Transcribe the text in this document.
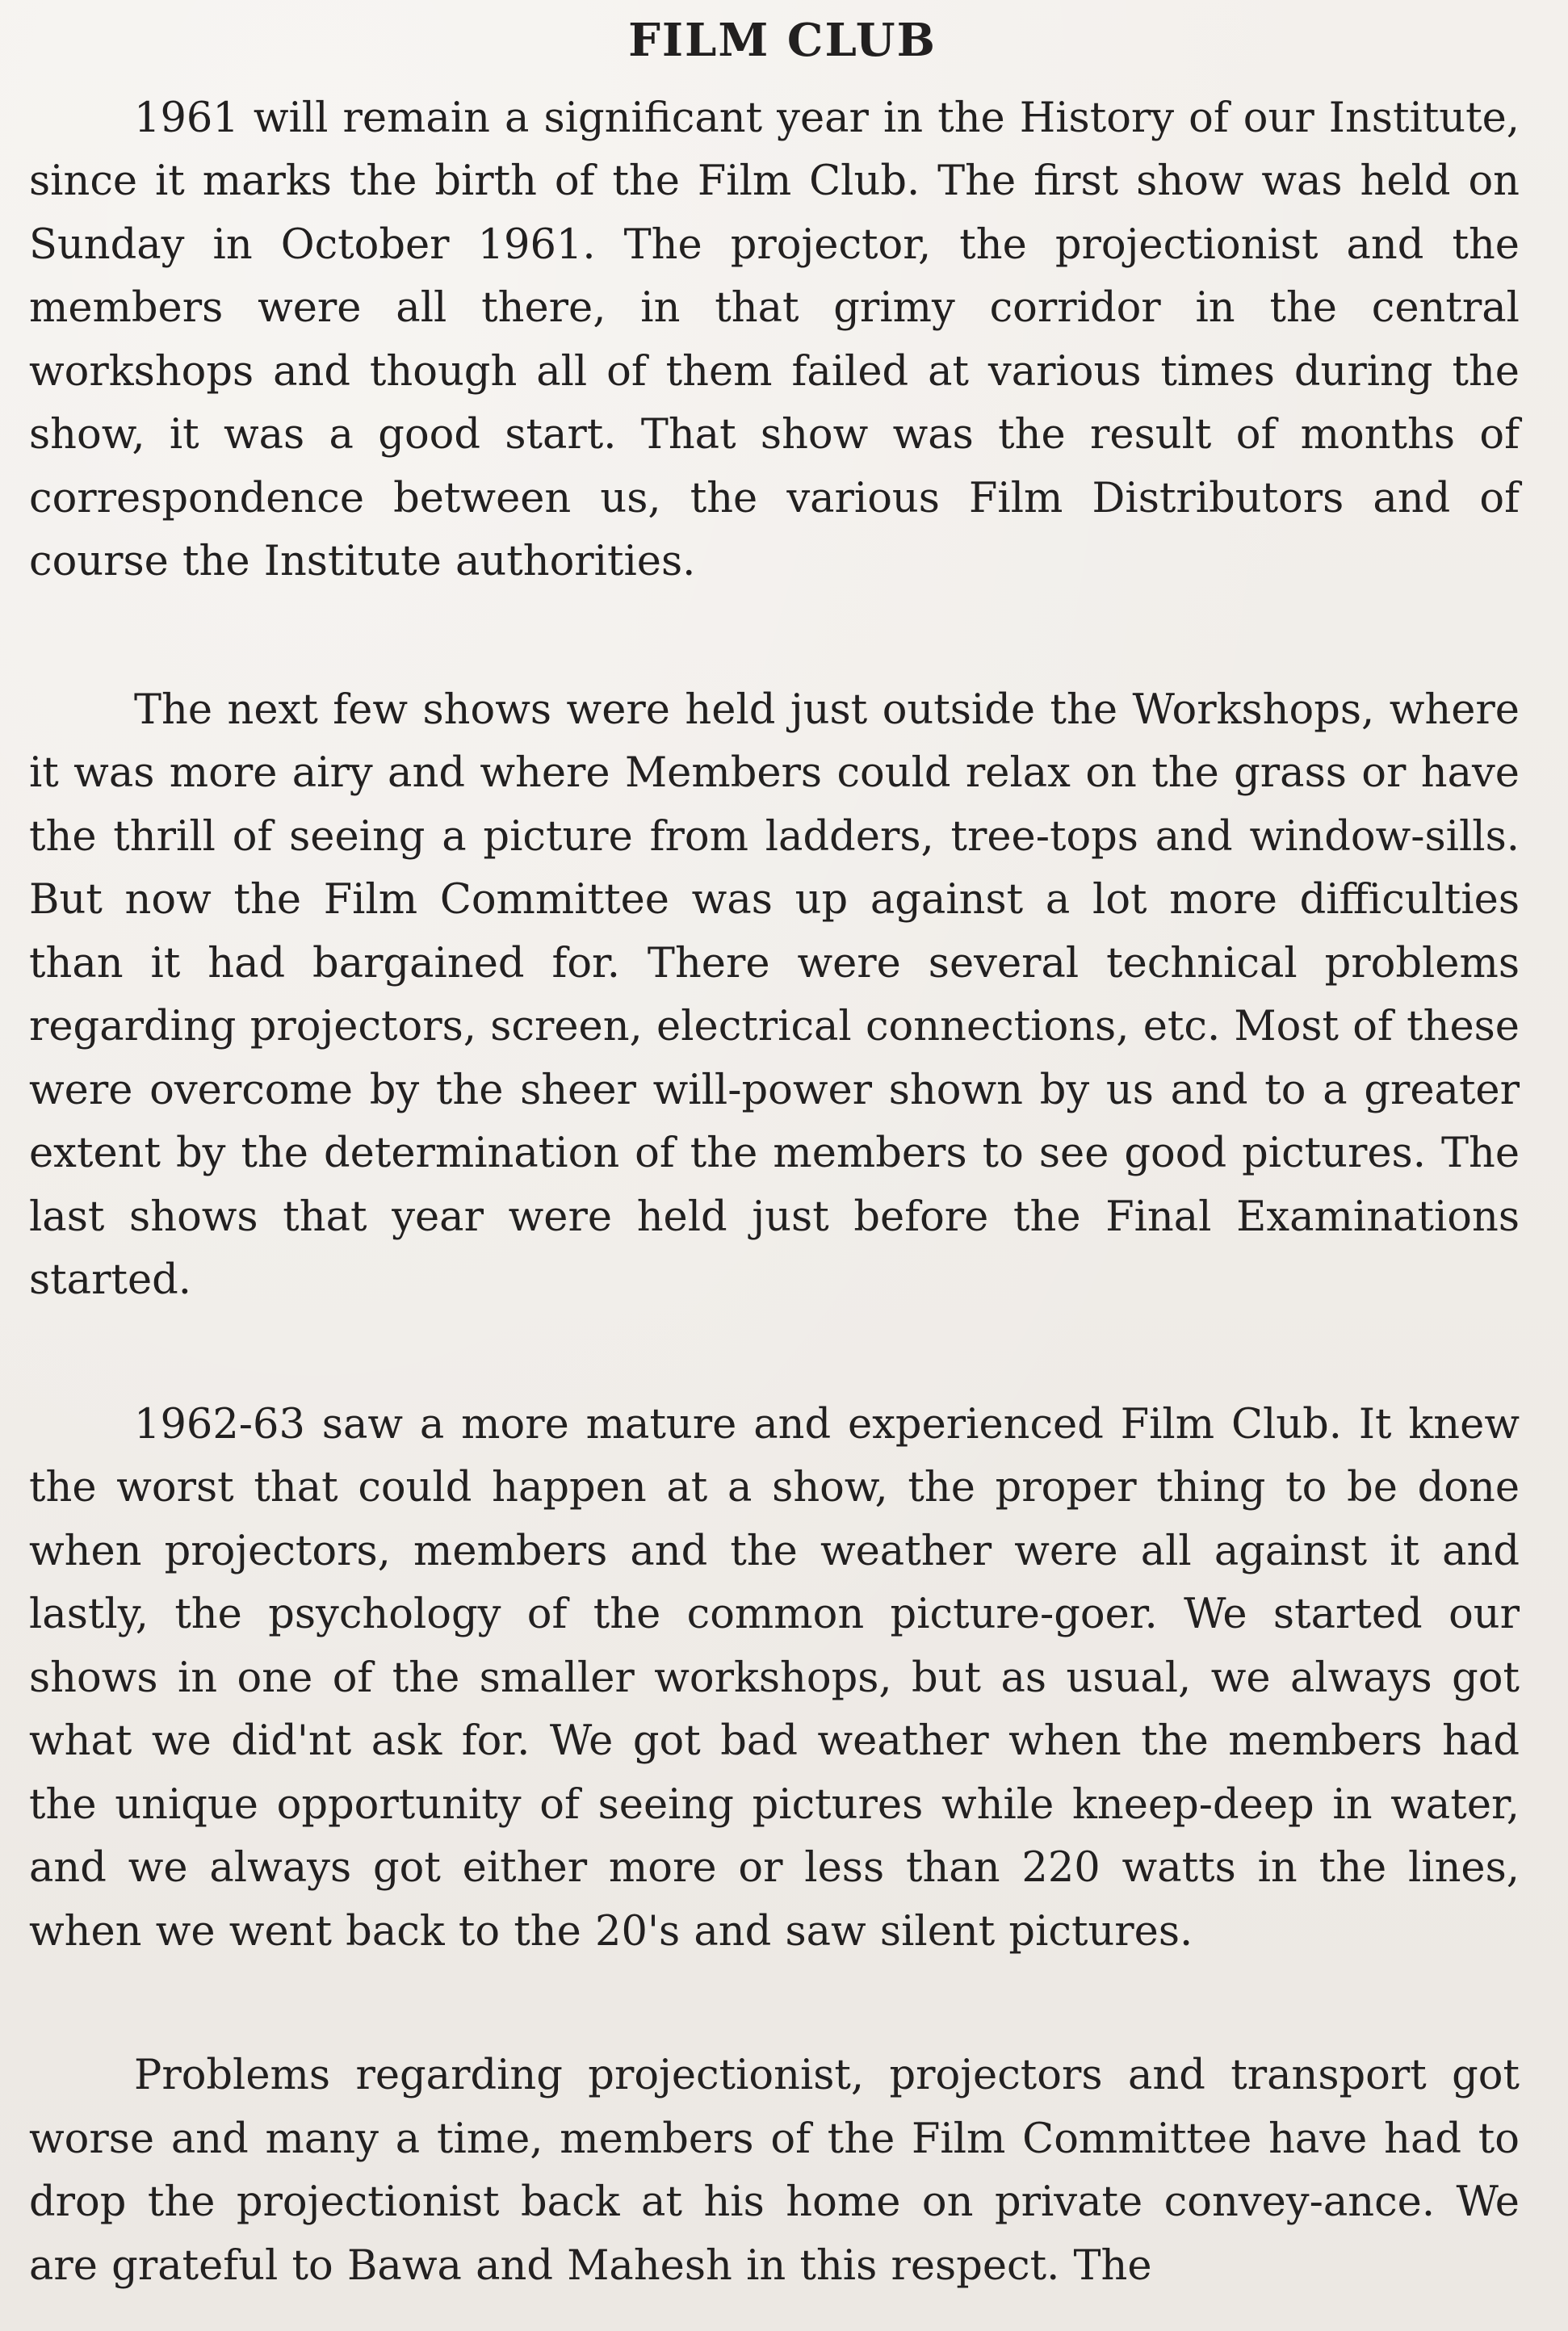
FILM CLUB

1961 will remain a significant year in the History of our Institute, since it marks the birth of the Film Club. The first show was held on Sunday in October 1961. The projector, the projectionist and the members were all there, in that grimy corridor in the central workshops and though all of them failed at various times during the show, it was a good start. That show was the result of months of correspondence between us, the various Film Distributors and of course the Institute authorities.

The next few shows were held just outside the Workshops, where it was more airy and where Members could relax on the grass or have the thrill of seeing a picture from ladders, tree-tops and window-sills. But now the Film Committee was up against a lot more difficulties than it had bargained for. There were several technical problems regarding projectors, screen, electrical connections, etc. Most of these were overcome by the sheer will-power shown by us and to a greater extent by the determination of the members to see good pictures. The last shows that year were held just before the Final Examinations started.

1962-63 saw a more mature and experienced Film Club. It knew the worst that could happen at a show, the proper thing to be done when projectors, members and the weather were all against it and lastly, the psychology of the common picture-goer. We started our shows in one of the smaller workshops, but as usual, we always got what we did'nt ask for. We got bad weather when the members had the unique opportunity of seeing pictures while kneep-deep in water, and we always got either more or less than 220 watts in the lines, when we went back to the 20's and saw silent pictures.

Problems regarding projectionist, projectors and transport got worse and many a time, members of the Film Committee have had to drop the projectionist back at his home on private convey-ance. We are grateful to Bawa and Mahesh in this respect. The
